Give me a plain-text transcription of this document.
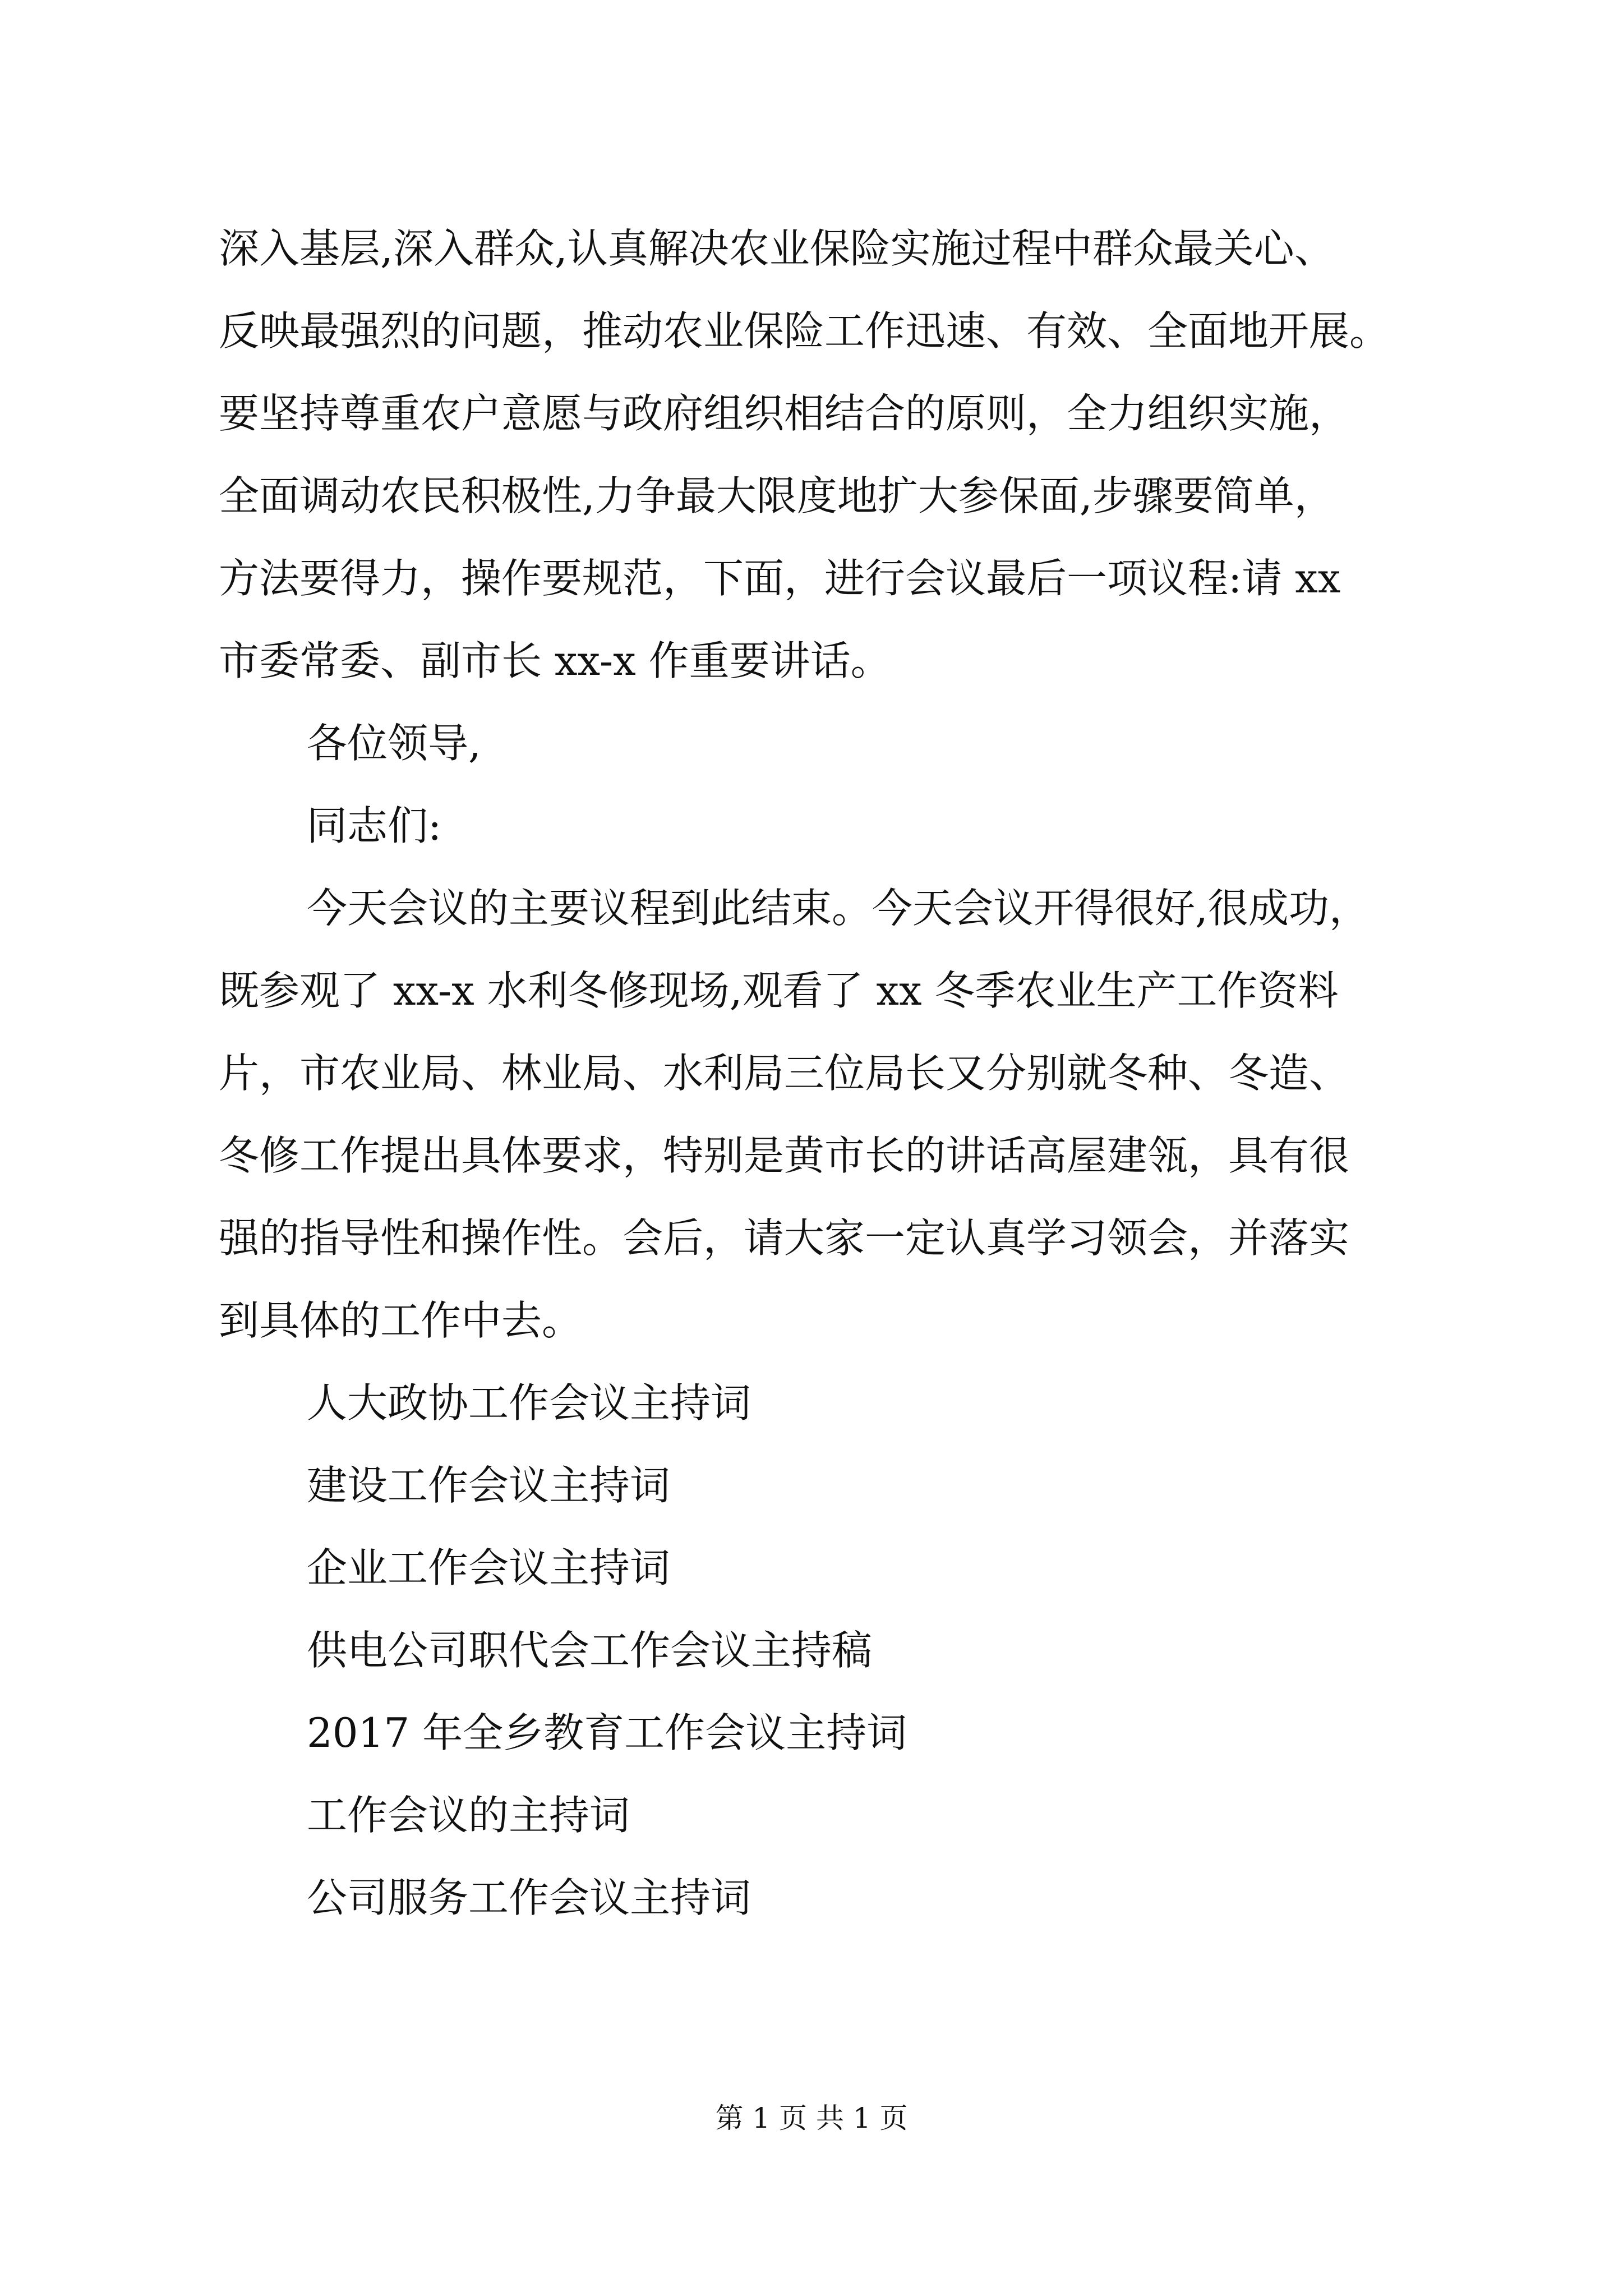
深入基层,深入群众,认真解决农业保险实施过程中群众最关心、

反映最强烈的问题，推动农业保险工作迅速、有效、全面地开展。

要坚持尊重农户意愿与政府组织相结合的原则，全力组织实施，

全面调动农民积极性,力争最大限度地扩大参保面,步骤要简单，

方法要得力，操作要规范，下面，进行会议最后一项议程:请 xx

市委常委、副市长 xx-x 作重要讲话。

各位领导,

同志们:

今天会议的主要议程到此结束。今天会议开得很好,很成功，

既参观了 xx-x 水利冬修现场,观看了 xx 冬季农业生产工作资料

片，市农业局、林业局、水利局三位局长又分别就冬种、冬造、

冬修工作提出具体要求，特别是黄市长的讲话高屋建瓴，具有很

强的指导性和操作性。会后，请大家一定认真学习领会，并落实

到具体的工作中去。

人大政协工作会议主持词

建设工作会议主持词

企业工作会议主持词

供电公司职代会工作会议主持稿

2017 年全乡教育工作会议主持词

工作会议的主持词

公司服务工作会议主持词

第 1 页 共 1 页
